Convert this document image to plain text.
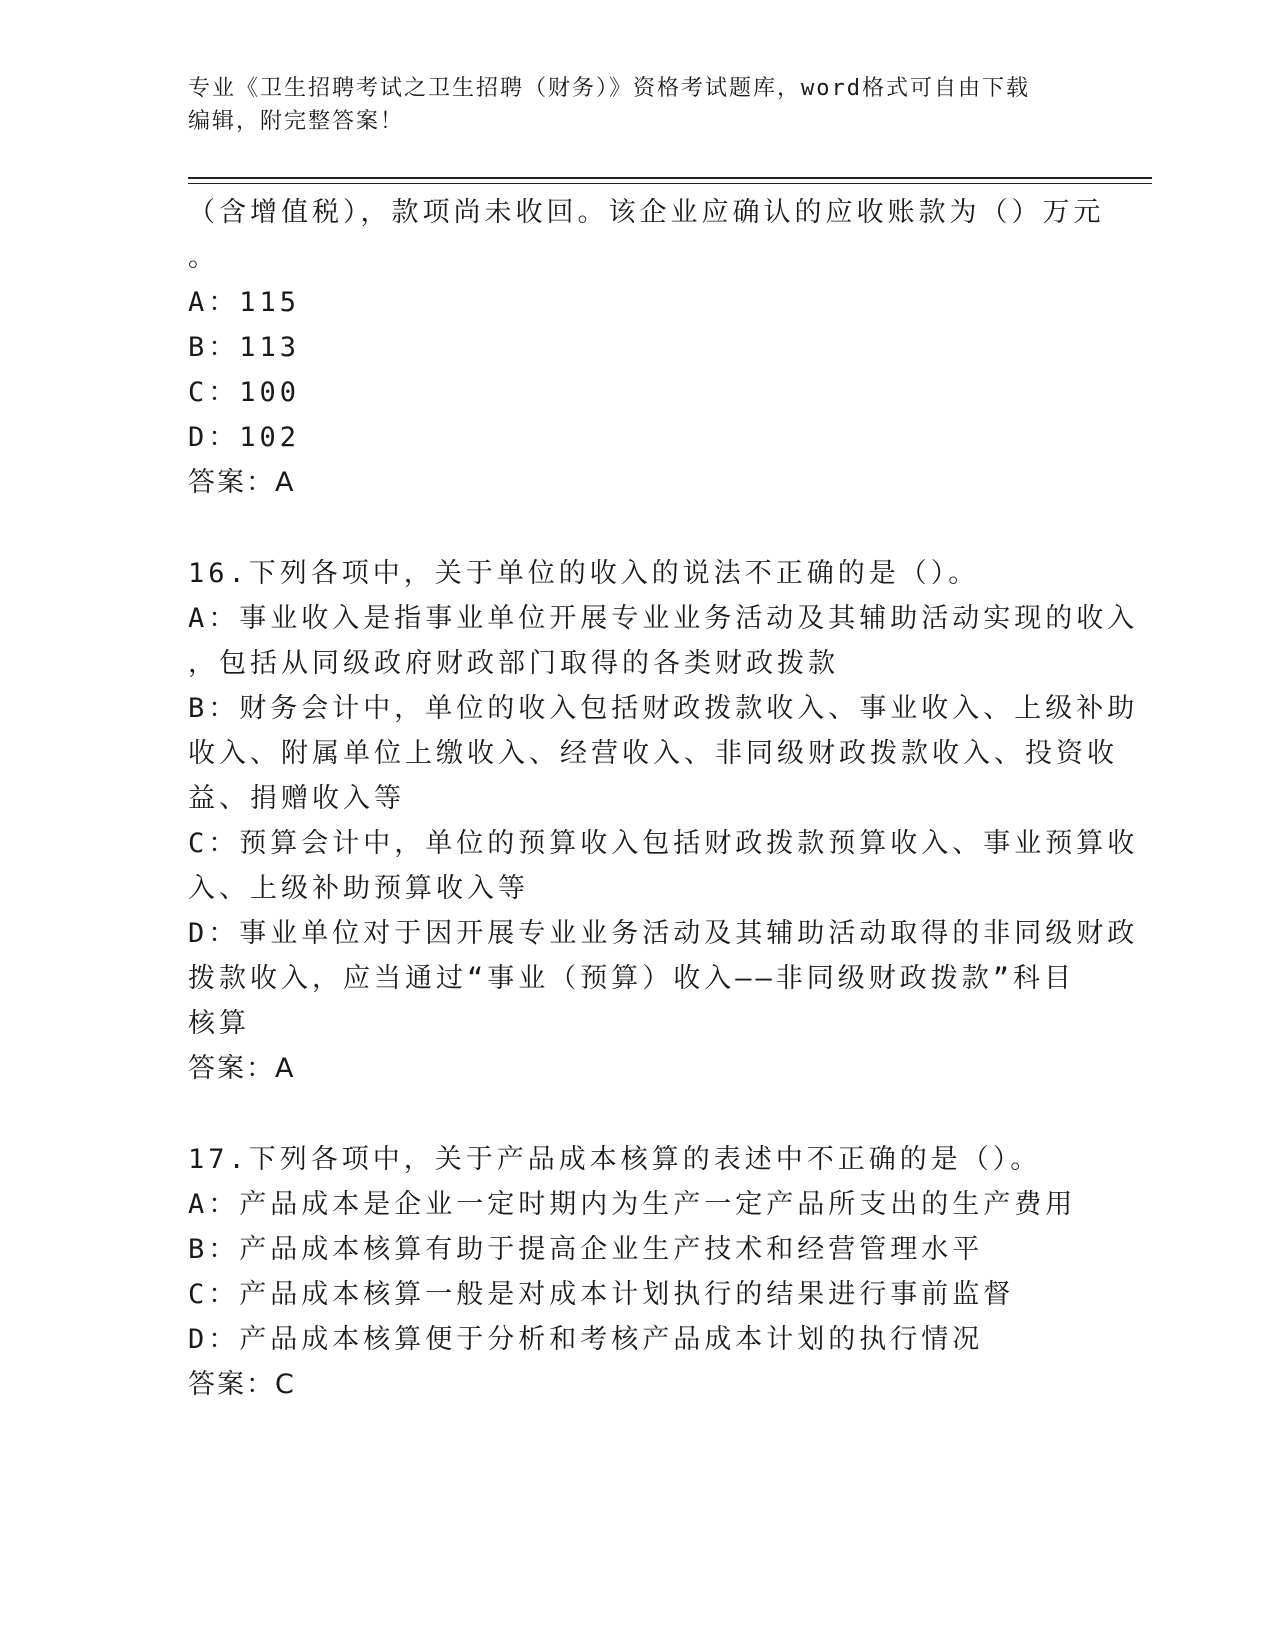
专业《卫生招聘考试之卫生招聘（财务）》资格考试题库，word格式可自由下载
编辑，附完整答案！
（含增值税），款项尚未收回。该企业应确认的应收账款为（）万元
。
A：115
B：113
C：100
D：102
答案：A
16.下列各项中，关于单位的收入的说法不正确的是（）。
A：事业收入是指事业单位开展专业业务活动及其辅助活动实现的收入
，包括从同级政府财政部门取得的各类财政拨款
B：财务会计中，单位的收入包括财政拨款收入、事业收入、上级补助
收入、附属单位上缴收入、经营收入、非同级财政拨款收入、投资收
益、捐赠收入等
C：预算会计中，单位的预算收入包括财政拨款预算收入、事业预算收
入、上级补助预算收入等
D：事业单位对于因开展专业业务活动及其辅助活动取得的非同级财政
拨款收入，应当通过“事业（预算）收入——非同级财政拨款”科目
核算
答案：A
17.下列各项中，关于产品成本核算的表述中不正确的是（）。
A：产品成本是企业一定时期内为生产一定产品所支出的生产费用
B：产品成本核算有助于提高企业生产技术和经营管理水平
C：产品成本核算一般是对成本计划执行的结果进行事前监督
D：产品成本核算便于分析和考核产品成本计划的执行情况
答案：C
